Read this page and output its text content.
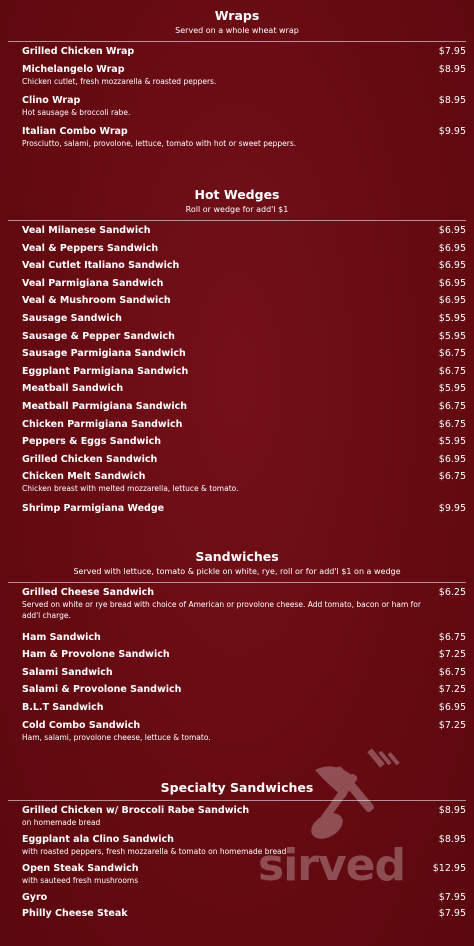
Wraps
Served on a whole wheat wrap
Grilled Chicken Wrap	$7.95
Michelangelo Wrap	$8.95
Chicken cutlet, fresh mozzarella & roasted peppers.
Clino Wrap	$8.95
Hot sausage & broccoli rabe.
Italian Combo Wrap	$9.95
Prosciutto, salami, provolone, lettuce, tomato with hot or sweet peppers.
Hot Wedges
Roll or wedge for add'l $1
Veal Milanese Sandwich	$6.95
Veal & Peppers Sandwich	$6.95
Veal Cutlet Italiano Sandwich	$6.95
Veal Parmigiana Sandwich	$6.95
Veal & Mushroom Sandwich	$6.95
Sausage Sandwich	$5.95
Sausage & Pepper Sandwich	$5.95
Sausage Parmigiana Sandwich	$6.75
Eggplant Parmigiana Sandwich	$6.75
Meatball Sandwich	$5.95
Meatball Parmigiana Sandwich	$6.75
Chicken Parmigiana Sandwich	$6.75
Peppers & Eggs Sandwich	$5.95
Grilled Chicken Sandwich	$6.95
Chicken Melt Sandwich	$6.75
Chicken breast with melted mozzarella, lettuce & tomato.
Shrimp Parmigiana Wedge	$9.95
Sandwiches
Served with lettuce, tomato & pickle on white, rye, roll or for add'l $1 on a wedge
Grilled Cheese Sandwich	$6.25
Served on white or rye bread with choice of American or provolone cheese. Add tomato, bacon or ham for add'l charge.
Ham Sandwich	$6.75
Ham & Provolone Sandwich	$7.25
Salami Sandwich	$6.75
Salami & Provolone Sandwich	$7.25
B.L.T Sandwich	$6.95
Cold Combo Sandwich	$7.25
Ham, salami, provolone cheese, lettuce & tomato.
Specialty Sandwiches
Grilled Chicken w/ Broccoli Rabe Sandwich	$8.95
on homemade bread
Eggplant ala Clino Sandwich	$8.95
with roasted peppers, fresh mozzarella & tomato on homemade bread
Open Steak Sandwich	$12.95
with sauteed fresh mushrooms
Gyro	$7.95
Philly Cheese Steak	$7.95
sirved
